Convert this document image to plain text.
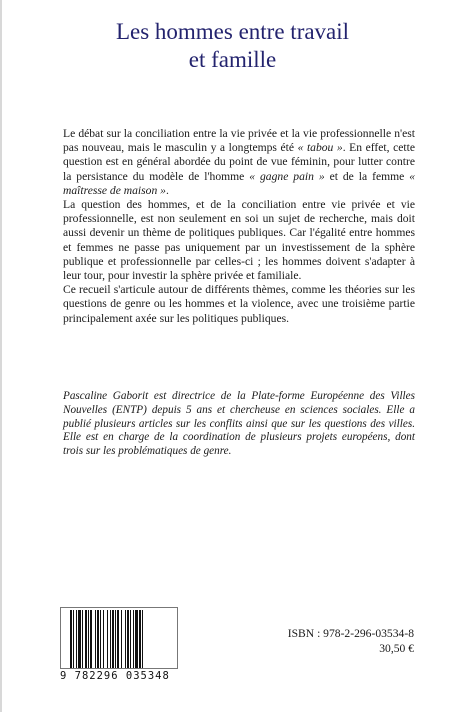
Les hommes entre travail
et famille

Le débat sur la conciliation entre la vie privée et la vie professionnelle n'est pas nouveau, mais le masculin y a longtemps été « tabou ». En effet, cette question est en général abordée du point de vue féminin, pour lutter contre la persistance du modèle de l'homme « gagne pain » et de la femme « maîtresse de maison ».

La question des hommes, et de la conciliation entre vie privée et vie professionnelle, est non seulement en soi un sujet de recherche, mais doit aussi devenir un thème de politiques publiques. Car l'égalité entre hommes et femmes ne passe pas uniquement par un investissement de la sphère publique et professionnelle par celles-ci ; les hommes doivent s'adapter à leur tour, pour investir la sphère privée et familiale.

Ce recueil s'articule autour de différents thèmes, comme les théories sur les questions de genre ou les hommes et la violence, avec une troisième partie principalement axée sur les politiques publiques.

Pascaline Gaborit est directrice de la Plate-forme Européenne des Villes Nouvelles (ENTP) depuis 5 ans et chercheuse en sciences sociales. Elle a publié plusieurs articles sur les conflits ainsi que sur les questions des villes. Elle est en charge de la coordination de plusieurs projets européens, dont trois sur les problématiques de genre.

9 782296 035348
ISBN : 978-2-296-03534-8
30,50 €
